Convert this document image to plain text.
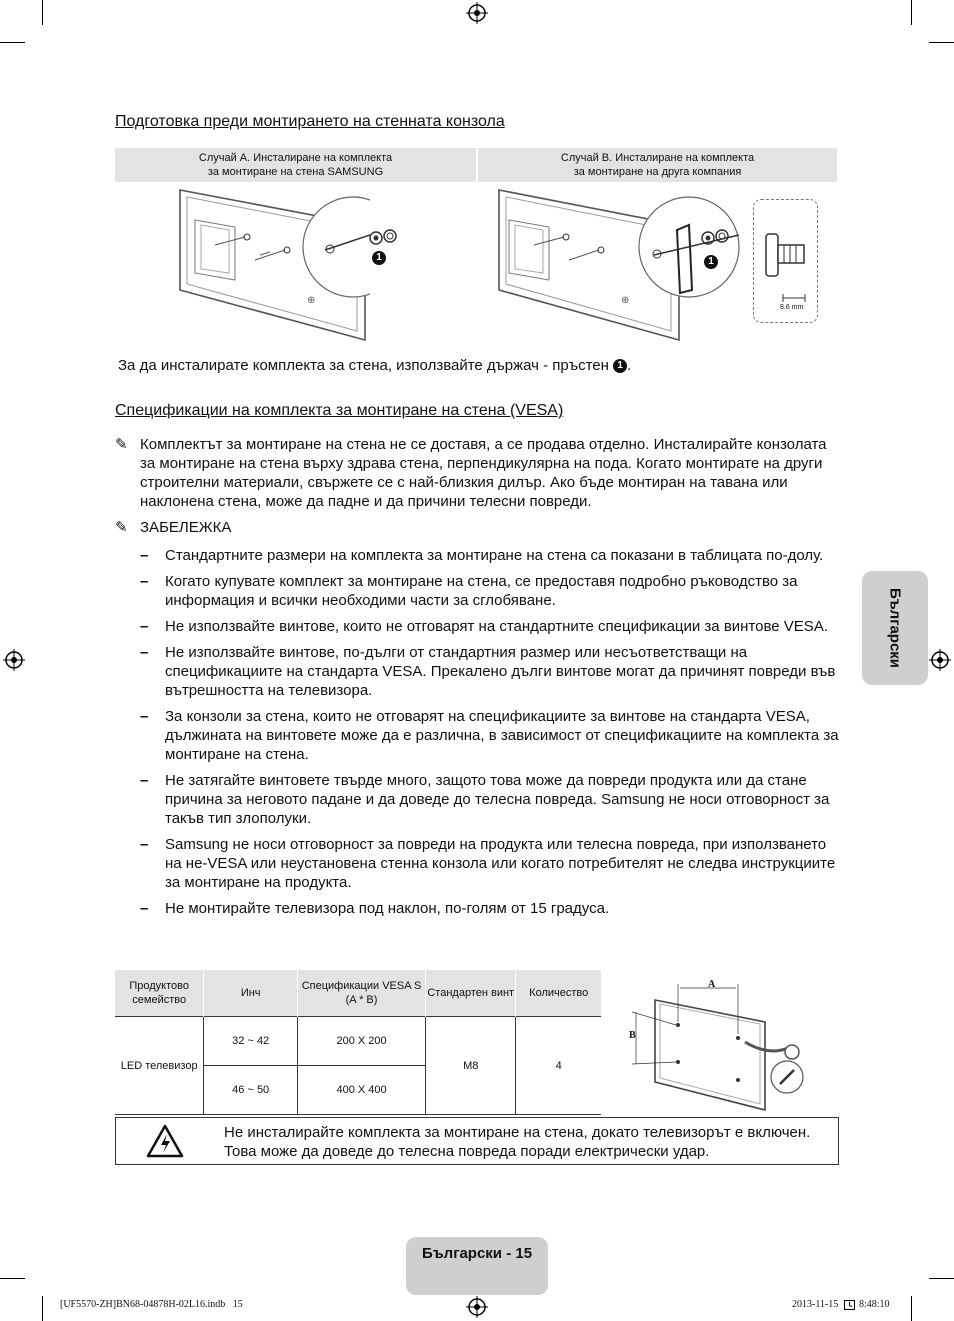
Подготовка преди монтирането на стенната конзола
Случай А. Инсталиране на комплекта
за монтиране на стена SAMSUNG
Случай В. Инсталиране на комплекта
за монтиране на друга компания
⊕
1
⊕
1
8.6 mm
За да инсталирате комплекта за стена, използвайте държач - пръстен 1 .
Спецификации на комплекта за монтиране на стена (VESA)
✎ Комплектът за монтиране на стена не се доставя, а се продава отделно. Инсталирайте конзолата за монтиране на стена върху здрава стена, перпендикулярна на пода. Когато монтирате на други строителни материали, свържете се с най-близкия дилър. Ако бъде монтиран на тавана или наклонена стена, може да падне и да причини телесни повреди.
✎ ЗАБЕЛЕЖКА
– Стандартните размери на комплекта за монтиране на стена са показани в таблицата по-долу.
– Когато купувате комплект за монтиране на стена, се предоставя подробно ръководство за информация и всички необходими части за сглобяване.
– Не използвайте винтове, които не отговарят на стандартните спецификации за винтове VESA.
– Не използвайте винтове, по-дълги от стандартния размер или несъответстващи на спецификациите на стандарта VESA. Прекалено дълги винтове могат да причинят повреди във вътрешността на телевизора.
– За конзоли за стена, които не отговарят на спецификациите за винтове на стандарта VESA, дължината на винтовете може да е различна, в зависимост от спецификациите на комплекта за монтиране на стена.
– Не затягайте винтовете твърде много, защото това може да повреди продукта или да стане причина за неговото падане и да доведе до телесна повреда. Samsung не носи отговорност за такъв тип злополуки.
– Samsung не носи отговорност за повреди на продукта или телесна повреда, при използването на не-VESA или неустановена стенна конзола или когато потребителят не следва инструкциите за монтиране на продукта.
– Не монтирайте телевизора под наклон, по-голям от 15 градуса.
Продуктово семейство	Инч	Спецификации VESA S (A * B)	Стандартен винт	Количество
LED телевизор	32 ~ 42	200 X 200	M8	4
	46 ~ 50	400 X 400		
A
B
Не инсталирайте комплекта за монтиране на стена, докато телевизорът е включен.
Това може да доведе до телесна повреда поради електрически удар.
Български
Български - 15
[UF5570-ZH]BN68-04878H-02L16.indb   15	2013-11-15 8:48:10
